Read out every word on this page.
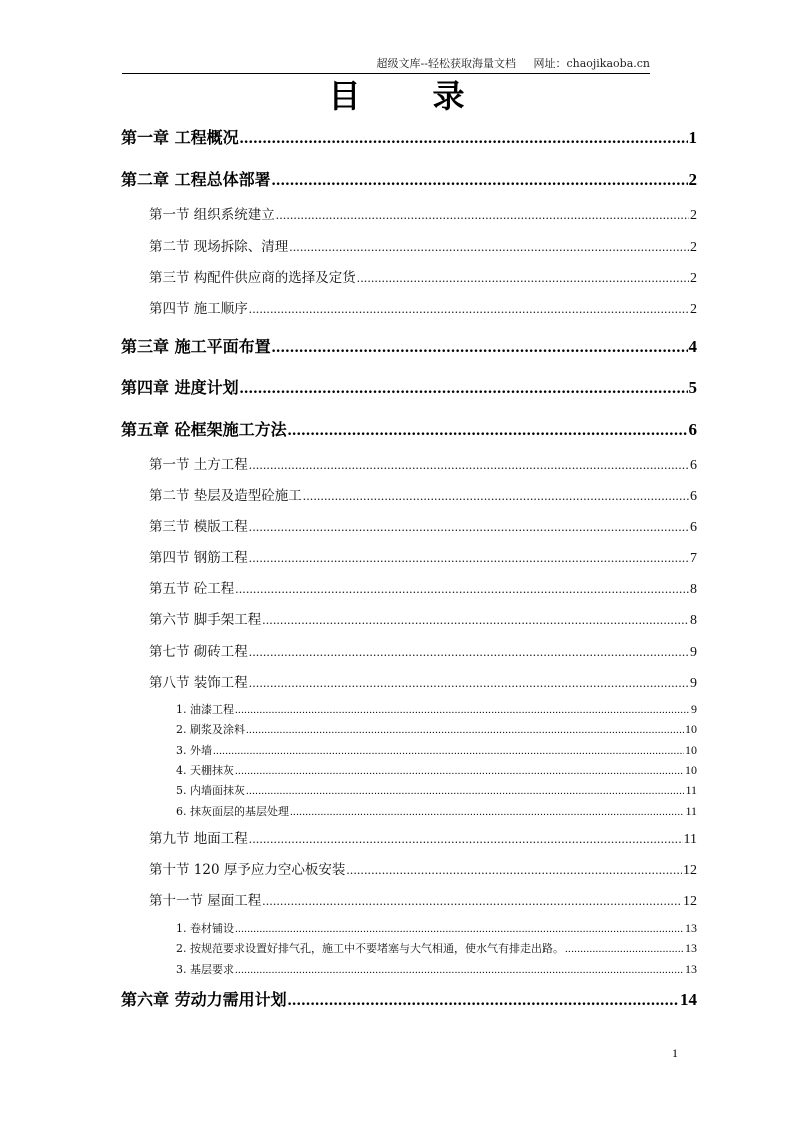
超级文库--轻松获取海量文档 网址：chaojikaoba.cn
目 录
第一章 工程概况 .....	1
第二章 工程总体部署 .....	2
第一节 组织系统建立 .....	2
第二节 现场拆除、清理 .....	2
第三节 构配件供应商的选择及定货 .....	2
第四节 施工顺序 .....	2
第三章 施工平面布置 .....	4
第四章 进度计划 .....	5
第五章 砼框架施工方法 .....	6
第一节 土方工程 .....	6
第二节 垫层及造型砼施工 .....	6
第三节 模版工程 .....	6
第四节 钢筋工程 .....	7
第五节 砼工程 .....	8
第六节 脚手架工程 .....	8
第七节 砌砖工程 .....	9
第八节 装饰工程 .....	9
1. 油漆工程 .....	9
2. 刷浆及涂料 .....	10
3. 外墙 .....	10
4. 天棚抹灰 .....	10
5. 内墙面抹灰 .....	11
6. 抹灰面层的基层处理 .....	11
第九节 地面工程 .....	11
第十节 120 厚予应力空心板安装 .....	12
第十一节 屋面工程 .....	12
1. 卷材铺设 .....	13
2. 按规范要求设置好排气孔，施工中不要堵塞与大气相通，使水气有排走出路。 .....	13
3. 基层要求 .....	13
第六章 劳动力需用计划 .....	14
1
